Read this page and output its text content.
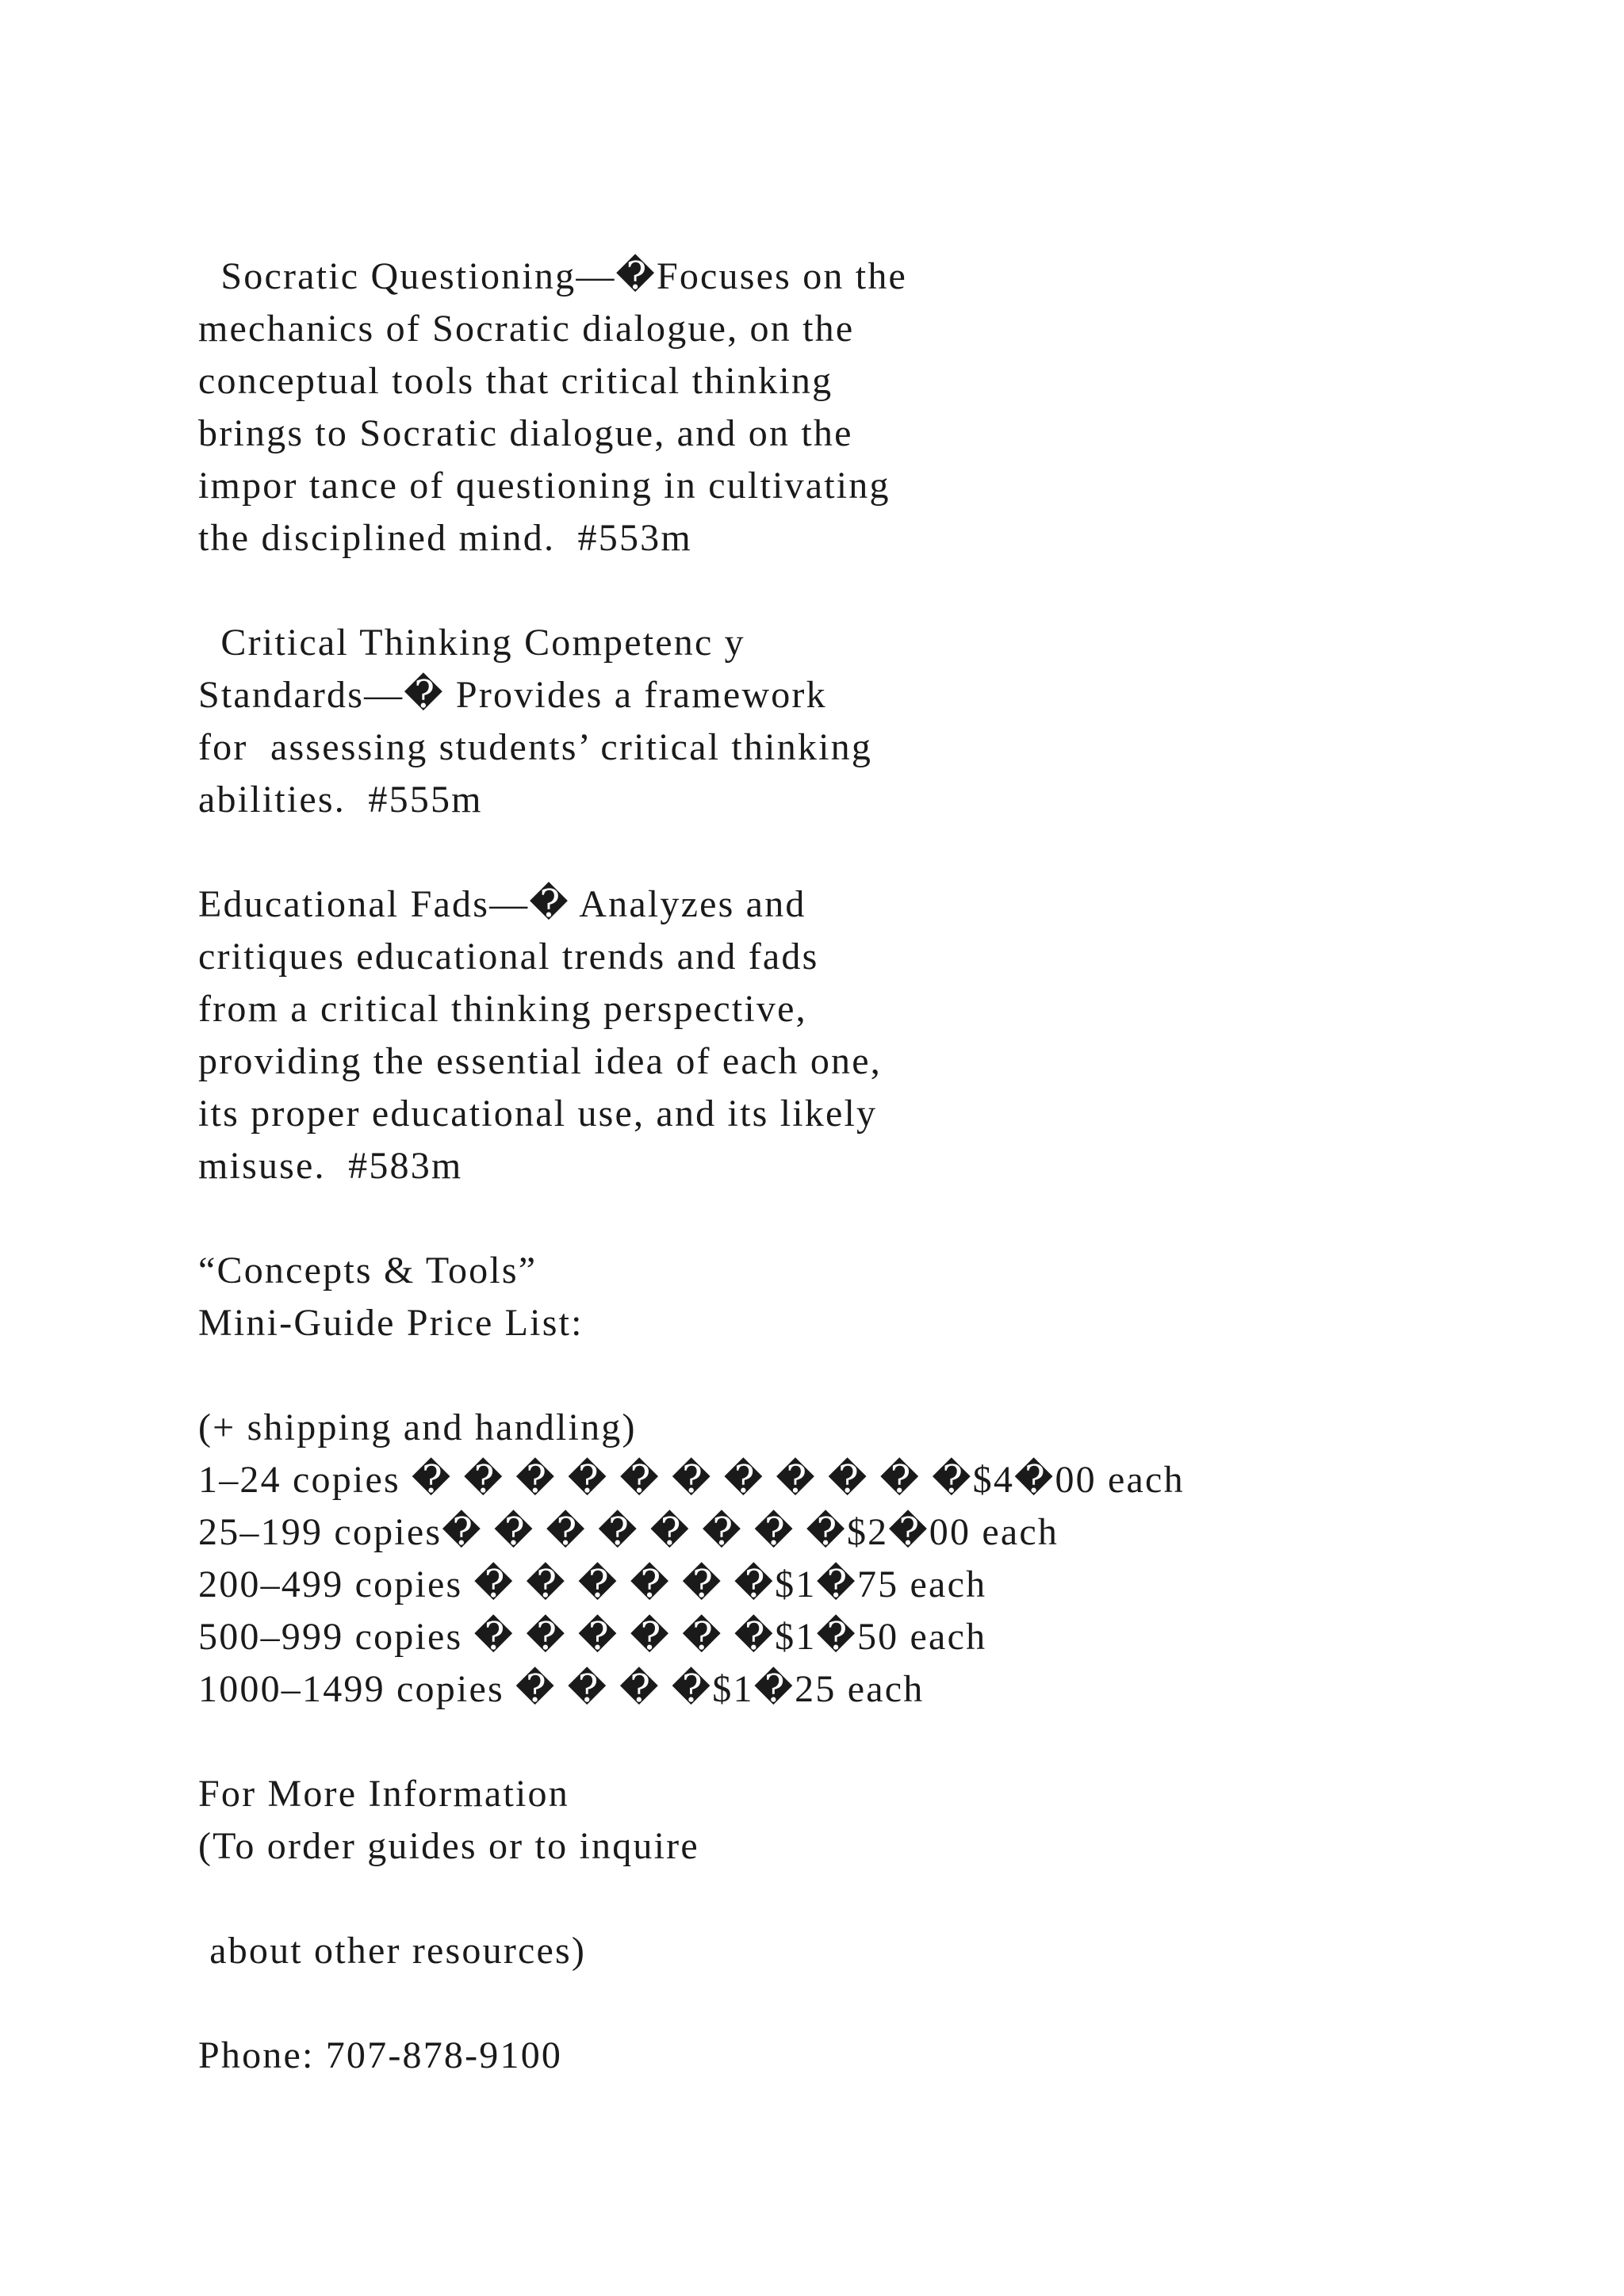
Socratic Questioning—�Focuses on the

mechanics of Socratic dialogue, on the

conceptual tools that critical thinking

brings to Socratic dialogue, and on the

impor tance of questioning in cultivating

the disciplined mind.  #553m

Critical Thinking Competenc y

Standards—� Provides a framework

for  assessing students’ critical thinking

abilities.  #555m

Educational Fads—� Analyzes and

critiques educational trends and fads

from a critical thinking perspective,

providing the essential idea of each one,

its proper educational use, and its likely

misuse.  #583m

“Concepts & Tools”

Mini-Guide Price List:

(+ shipping and handling)

1–24 copies � � � � � � � � � � �$4�00 each

25–199 copies� � � � � � � �$2�00 each

200–499 copies � � � � � �$1�75 each

500–999 copies � � � � � �$1�50 each

1000–1499 copies � � � �$1�25 each

For More Information

(To order guides or to inquire

about other resources)

Phone: 707-878-9100
